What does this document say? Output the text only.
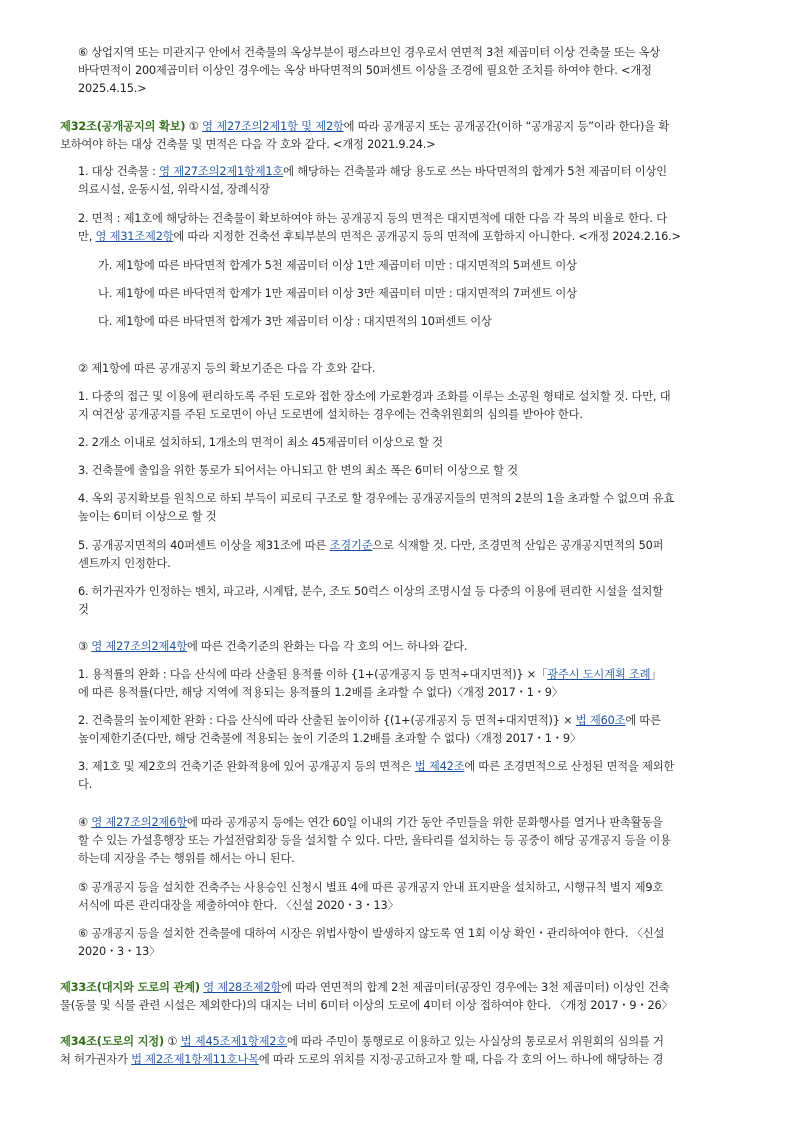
⑥ 상업지역 또는 미관지구 안에서 건축물의 옥상부분이 평스라브인 경우로서 연면적 3천 제곱미터 이상 건축물 또는 옥상

바닥면적이 200제곱미터 이상인 경우에는 옥상 바닥면적의 50퍼센트 이상을 조경에 필요한 조치를 하여야 한다. <개정

2025.4.15.>

제32조(공개공지의 확보) ① 영 제27조의2제1항 및 제2항에 따라 공개공지 또는 공개공간(이하 “공개공지 등”이라 한다)을 확

보하여야 하는 대상 건축물 및 면적은 다음 각 호와 같다. <개정 2021.9.24.>

1. 대상 건축물 : 영 제27조의2제1항제1호에 해당하는 건축물과 해당 용도로 쓰는 바닥면적의 합계가 5천 제곱미터 이상인

의료시설, 운동시설, 위락시설, 장례식장

2. 면적 : 제1호에 해당하는 건축물이 확보하여야 하는 공개공지 등의 면적은 대지면적에 대한 다음 각 목의 비율로 한다. 다

만, 영 제31조제2항에 따라 지정한 건축선 후퇴부분의 면적은 공개공지 등의 면적에 포함하지 아니한다. <개정 2024.2.16.>

가. 제1항에 따른 바닥면적 합계가 5천 제곱미터 이상 1만 제곱미터 미만 : 대지면적의 5퍼센트 이상

나. 제1항에 따른 바닥면적 합계가 1만 제곱미터 이상 3만 제곱미터 미만 : 대지면적의 7퍼센트 이상

다. 제1항에 따른 바닥면적 합계가 3만 제곱미터 이상 : 대지면적의 10퍼센트 이상

② 제1항에 따른 공개공지 등의 확보기준은 다음 각 호와 같다.

1. 다중의 접근 및 이용에 편리하도록 주된 도로와 접한 장소에 가로환경과 조화를 이루는 소공원 형태로 설치할 것. 다만, 대

지 여건상 공개공지를 주된 도로면이 아닌 도로변에 설치하는 경우에는 건축위원회의 심의를 받아야 한다.

2. 2개소 이내로 설치하되, 1개소의 면적이 최소 45제곱미터 이상으로 할 것

3. 건축물에 출입을 위한 통로가 되어서는 아니되고 한 변의 최소 폭은 6미터 이상으로 할 것

4. 옥외 공지확보를 원칙으로 하되 부득이 피로티 구조로 할 경우에는 공개공지들의 면적의 2분의 1을 초과할 수 없으며 유효

높이는 6미터 이상으로 할 것

5. 공개공지면적의 40퍼센트 이상을 제31조에 따른 조경기준으로 식재할 것. 다만, 조경면적 산입은 공개공지면적의 50퍼

센트까지 인정한다.

6. 허가권자가 인정하는 벤치, 파고라, 시계탑, 분수, 조도 50럭스 이상의 조명시설 등 다중의 이용에 편리한 시설을 설치할

것

③ 영 제27조의2제4항에 따른 건축기준의 완화는 다음 각 호의 어느 하나와 같다.

1. 용적률의 완화 : 다음 산식에 따라 산출된 용적률 이하 {1+(공개공지 등 면적÷대지면적)} ×「광주시 도시계획 조례」

에 따른 용적률(다만, 해당 지역에 적용되는 용적률의 1.2배를 초과할 수 없다)〈개정 2017・1・9〉

2. 건축물의 높이제한 완화 : 다음 산식에 따라 산출된 높이이하 {(1+(공개공지 등 면적÷대지면적)} × 법 제60조에 따른

높이제한기준(다만, 해당 건축물에 적용되는 높이 기준의 1.2배를 초과할 수 없다)〈개정 2017・1・9〉

3. 제1호 및 제2호의 건축기준 완화적용에 있어 공개공지 등의 면적은 법 제42조에 따른 조경면적으로 산정된 면적을 제외한

다.

④ 영 제27조의2제6항에 따라 공개공지 등에는 연간 60일 이내의 기간 동안 주민들을 위한 문화행사를 열거나 판촉활동을

할 수 있는 가설흥행장 또는 가설전람회장 등을 설치할 수 있다. 다만, 울타리를 설치하는 등 공중이 해당 공개공지 등을 이용

하는데 지장을 주는 행위를 해서는 아니 된다.

⑤ 공개공지 등을 설치한 건축주는 사용승인 신청시 별표 4에 따른 공개공지 안내 표지판을 설치하고, 시행규칙 별지 제9호

서식에 따른 관리대장을 제출하여야 한다. 〈신설 2020・3・13〉

⑥ 공개공지 등을 설치한 건축물에 대하여 시장은 위법사항이 발생하지 않도록 연 1회 이상 확인・관리하여야 한다. 〈신설

2020・3・13〉

제33조(대지와 도로의 관계) 영 제28조제2항에 따라 연면적의 합계 2천 제곱미터(공장인 경우에는 3천 제곱미터) 이상인 건축

물(동물 및 식물 관련 시설은 제외한다)의 대지는 너비 6미터 이상의 도로에 4미터 이상 접하여야 한다. 〈개정 2017・9・26〉

제34조(도로의 지정) ① 법 제45조제1항제2호에 따라 주민이 통행로로 이용하고 있는 사실상의 통로로서 위원회의 심의를 거

쳐 허가권자가 법 제2조제1항제11호나목에 따라 도로의 위치를 지정·공고하고자 할 때, 다음 각 호의 어느 하나에 해당하는 경
